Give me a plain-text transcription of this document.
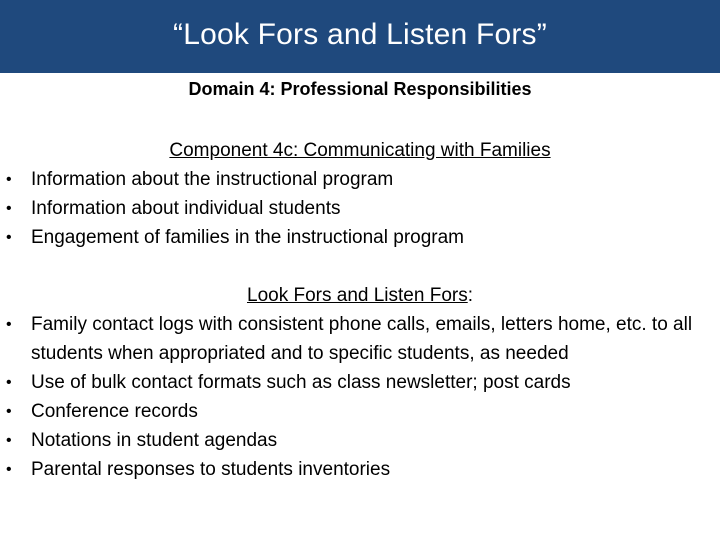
“Look Fors and Listen Fors”
Domain 4: Professional Responsibilities
Component 4c: Communicating with Families
• Information about the instructional program
• Information about individual students
• Engagement of families in the instructional program
Look Fors and Listen Fors:
• Family contact logs with consistent phone calls, emails, letters home, etc. to all students when appropriated and to specific students, as needed
• Use of bulk contact formats such as class newsletter; post cards
• Conference records
• Notations in student agendas
• Parental responses to students inventories
